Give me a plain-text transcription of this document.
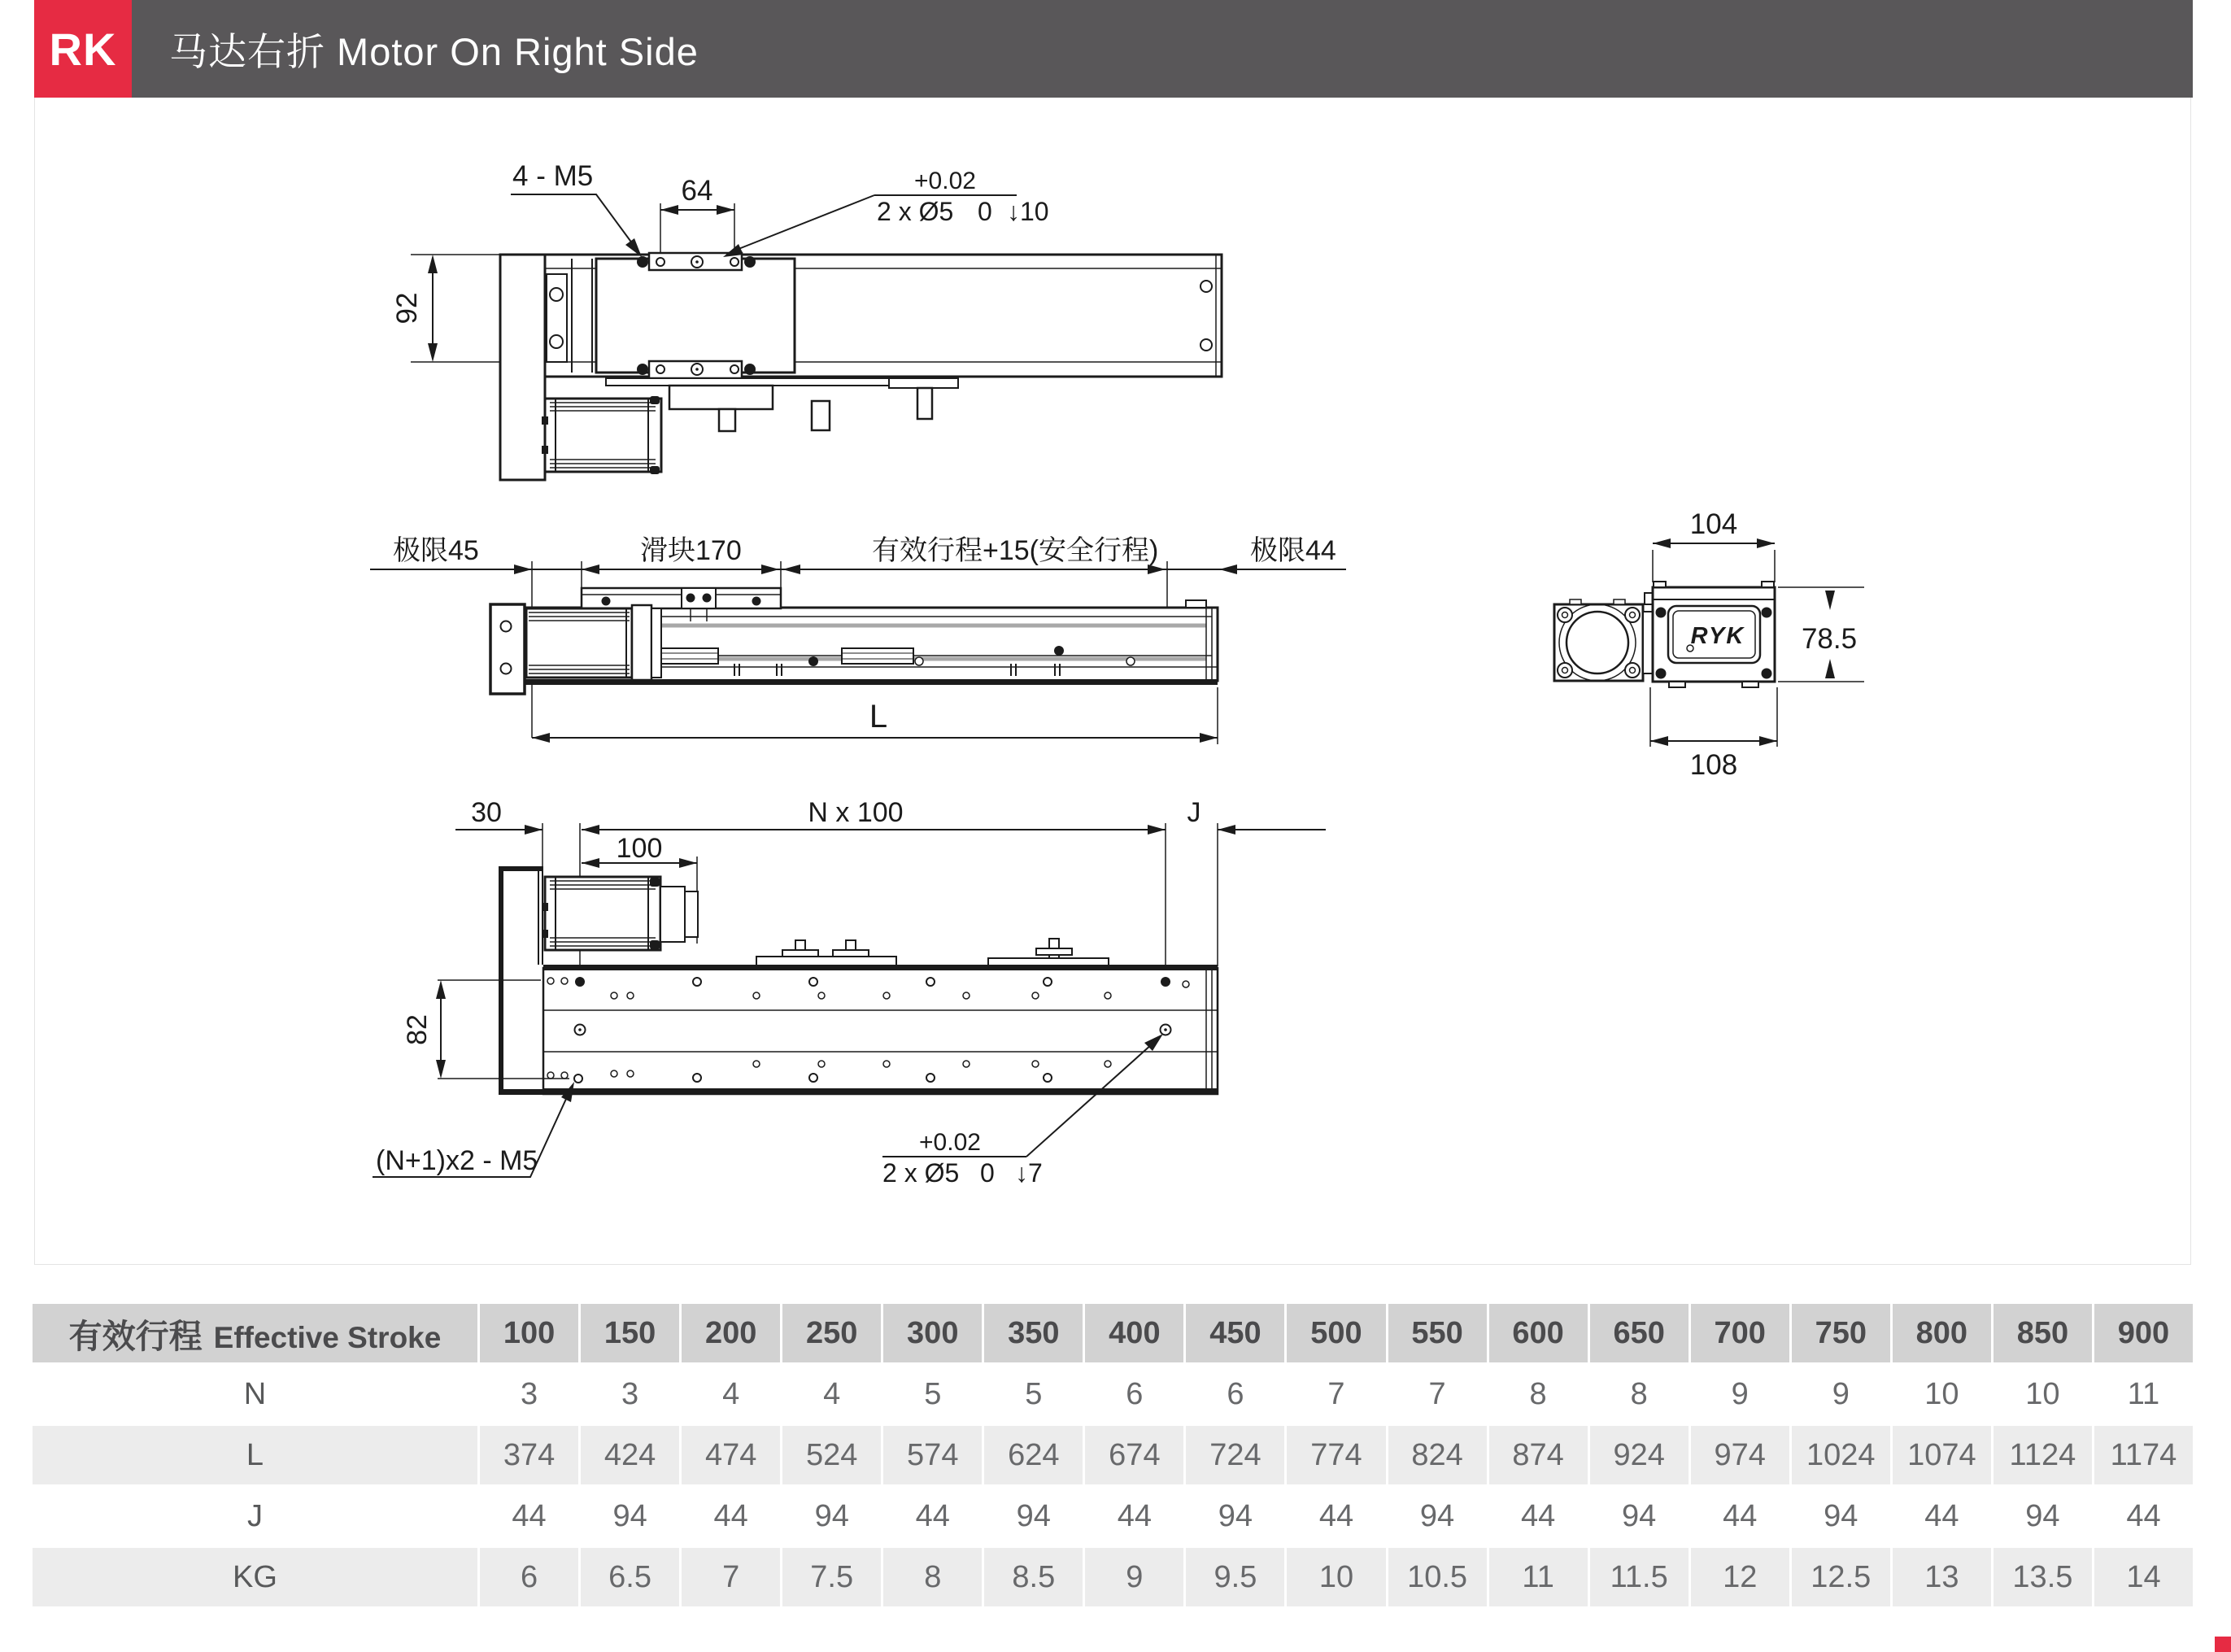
RK	马达右折 Motor On Right Side
92
4 - M5	64	+0.02
2 x Ø5 0 ↓10
极限45	滑块170	有效行程+15(安全行程)	极限44
L
104
RYK 78.5
108
30	N x 100	J
100
82
(N+1)x2 - M5
+0.02
2 x Ø5 0 ↓7
有效行程 Effective Stroke	100	150	200	250	300	350	400	450	500	550	600	650	700	750	800	850	900
N	3	3	4	4	5	5	6	6	7	7	8	8	9	9	10	10	11
L	374	424	474	524	574	624	674	724	774	824	874	924	974	1024	1074	1124	1174
J	44	94	44	94	44	94	44	94	44	94	44	94	44	94	44	94	44
KG	6	6.5	7	7.5	8	8.5	9	9.5	10	10.5	11	11.5	12	12.5	13	13.5	14
